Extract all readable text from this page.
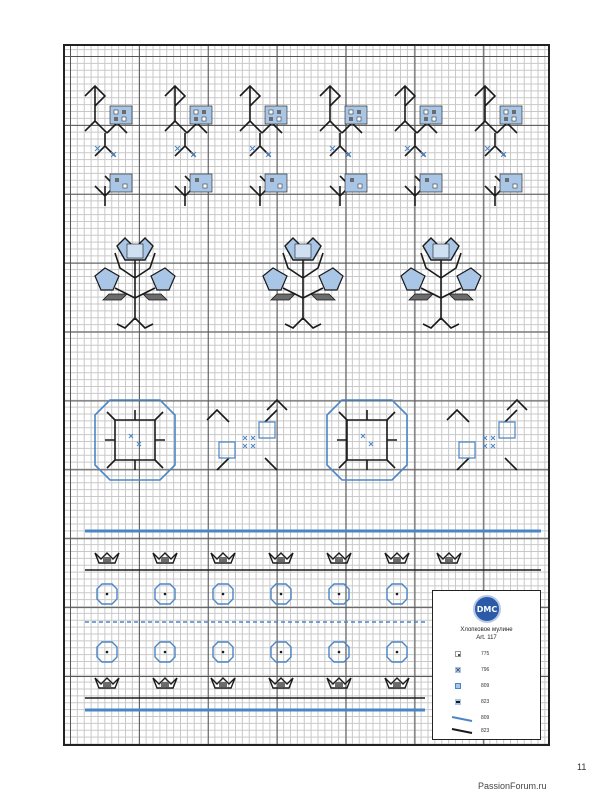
DMC
Хлопковое мулине
Art. 117
775
×	796
809
823
809
823
11
PassionForum.ru
